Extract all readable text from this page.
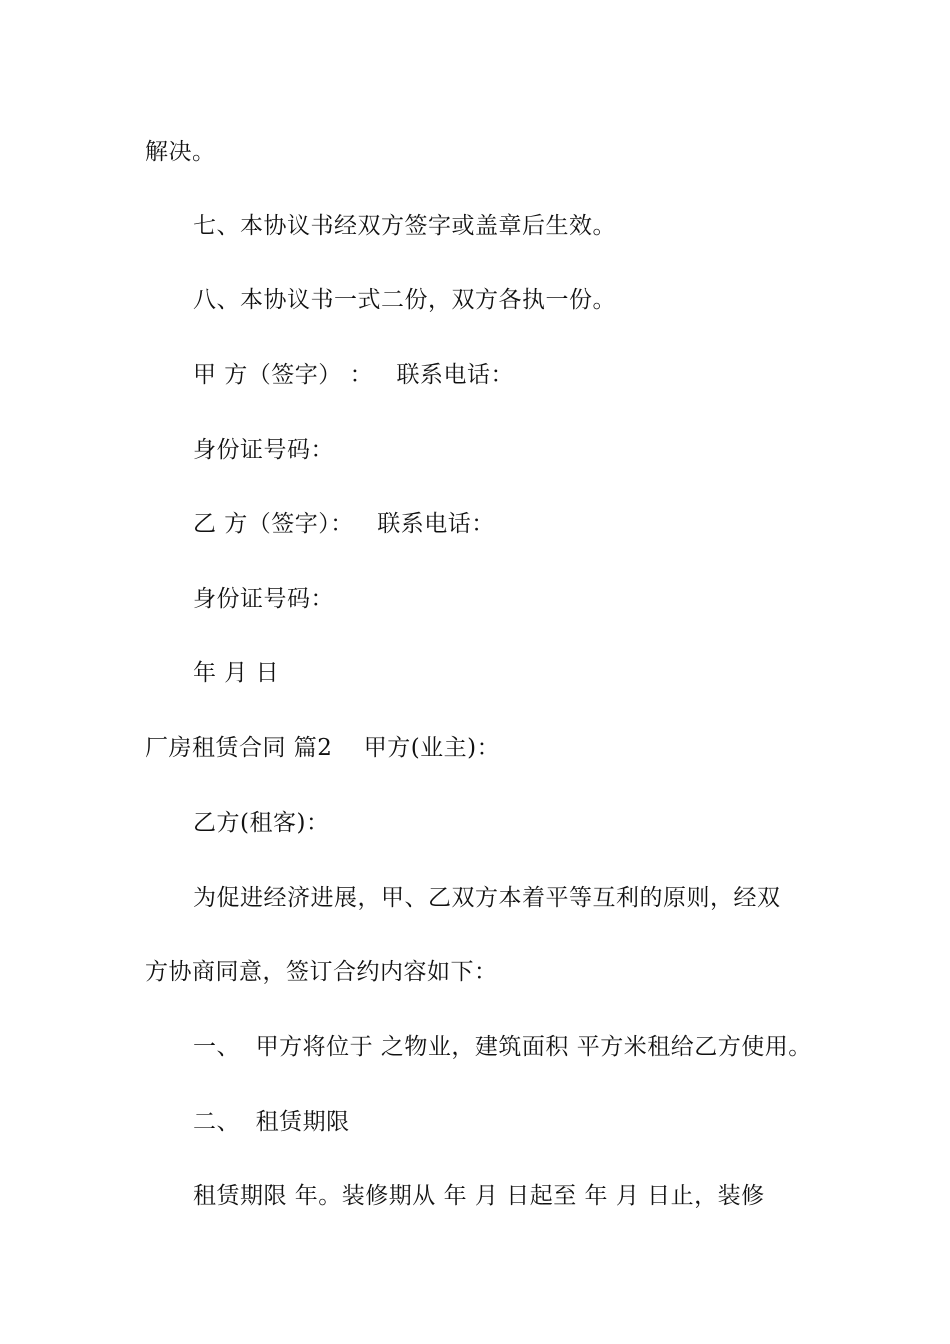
解决。
七、本协议书经双方签字或盖章后生效。
八、本协议书一式二份，双方各执一份。
甲 方（签字） ：   联系电话：
身份证号码：
乙 方（签字）：   联系电话：
身份证号码：
年 月 日
厂房租赁合同 篇2    甲方(业主)：
乙方(租客)：
为促进经济进展，甲、乙双方本着平等互利的原则，经双
方协商同意，签订合约内容如下：
一、  甲方将位于 之物业，建筑面积 平方米租给乙方使用。
二、  租赁期限
租赁期限 年。装修期从 年 月 日起至 年 月 日止，装修
